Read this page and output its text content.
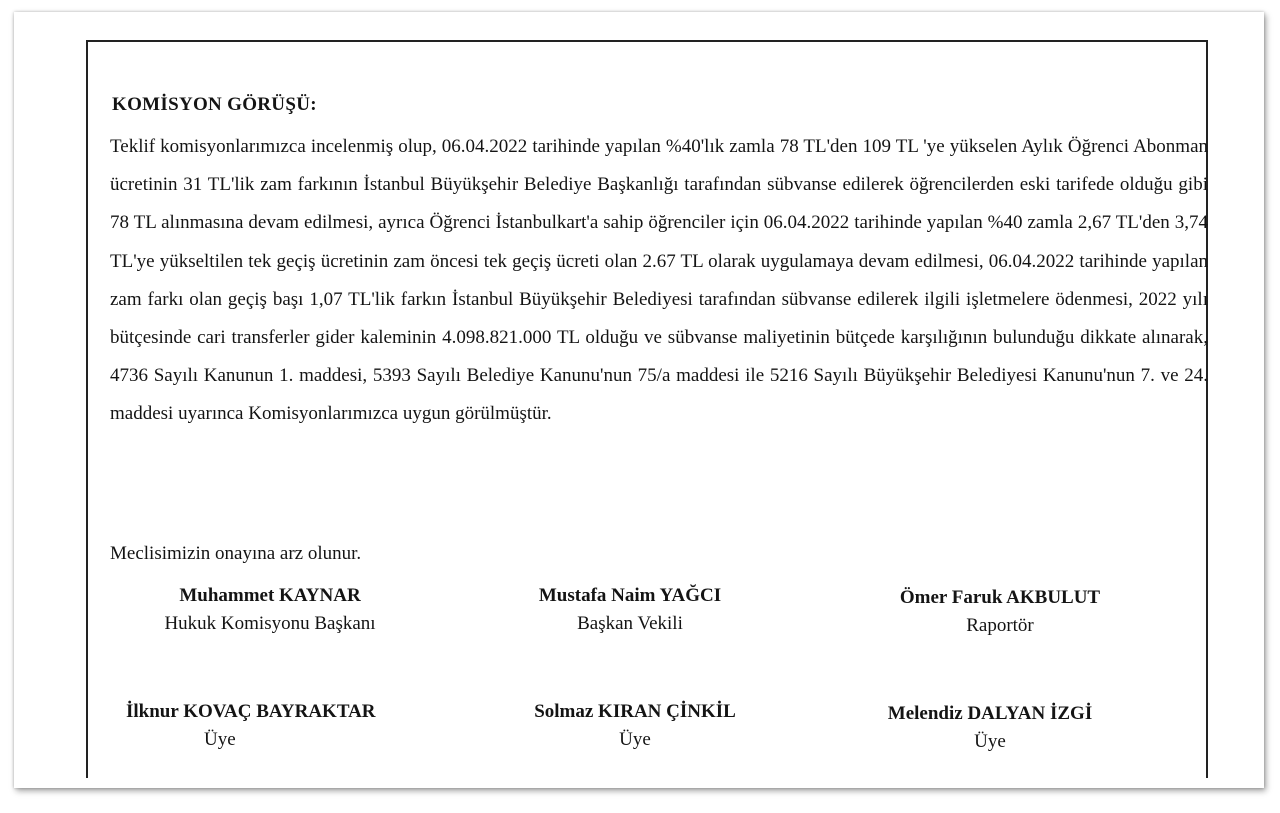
KOMİSYON GÖRÜŞÜ:

Teklif komisyonlarımızca incelenmiş olup, 06.04.2022 tarihinde yapılan %40'lık zamla 78 TL'den 109 TL 'ye yükselen Aylık Öğrenci Abonman ücretinin 31 TL'lik zam farkının İstanbul Büyükşehir Belediye Başkanlığı tarafından sübvanse edilerek öğrencilerden eski tarifede olduğu gibi 78 TL alınmasına devam edilmesi, ayrıca Öğrenci İstanbulkart'a sahip öğrenciler için 06.04.2022 tarihinde yapılan %40 zamla 2,67 TL'den 3,74 TL'ye yükseltilen tek geçiş ücretinin zam öncesi tek geçiş ücreti olan 2.67 TL olarak uygulamaya devam edilmesi, 06.04.2022 tarihinde yapılan zam farkı olan geçiş başı 1,07 TL'lik farkın İstanbul Büyükşehir Belediyesi tarafından sübvanse edilerek ilgili işletmelere ödenmesi, 2022 yılı bütçesinde cari transferler gider kaleminin 4.098.821.000 TL olduğu ve sübvanse maliyetinin bütçede karşılığının bulunduğu dikkate alınarak, 4736 Sayılı Kanunun 1. maddesi, 5393 Sayılı Belediye Kanunu'nun 75/a maddesi ile 5216 Sayılı Büyükşehir Belediyesi Kanunu'nun 7. ve 24. maddesi uyarınca Komisyonlarımızca uygun görülmüştür.

Meclisimizin onayına arz olunur.
Muhammet KAYNAR
Hukuk Komisyonu Başkanı
Mustafa Naim YAĞCI
Başkan Vekili
Ömer Faruk AKBULUT
Raportör
İlknur KOVAÇ BAYRAKTAR
Üye
Solmaz KIRAN ÇİNKİL
Üye
Melendiz DALYAN İZGİ
Üye
